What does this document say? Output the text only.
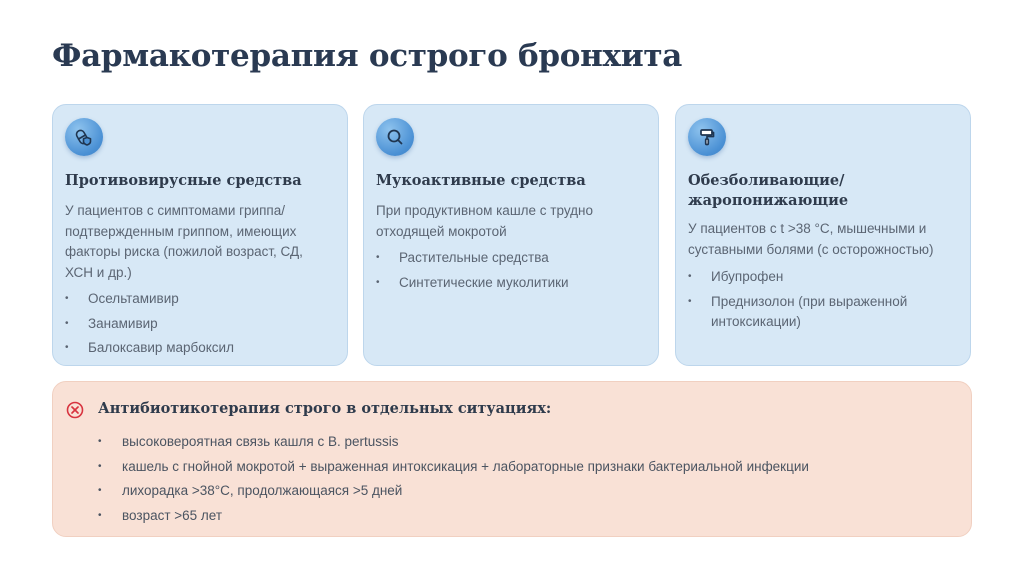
Фармакотерапия острого бронхита
Противовирусные средства

У пациентов с симптомами гриппа/подтвержденным гриппом, имеющих факторы риска (пожилой возраст, СД, ХСН и др.)

• Осельтамивир
• Занамивир
• Балоксавир марбоксил
Мукоактивные средства

При продуктивном кашле с трудно отходящей мокротой

• Растительные средства
• Синтетические муколитики
Обезболивающие/жаропонижающие

У пациентов с t >38 °C, мышечными и суставными болями (с осторожностью)

• Ибупрофен
• Преднизолон (при выраженной интоксикации)
Антибиотикотерапия строго в отдельных ситуациях:
• высоковероятная связь кашля с B. pertussis
• кашель с гнойной мокротой + выраженная интоксикация + лабораторные признаки бактериальной инфекции
• лихорадка >38°С, продолжающаяся >5 дней
• возраст >65 лет
